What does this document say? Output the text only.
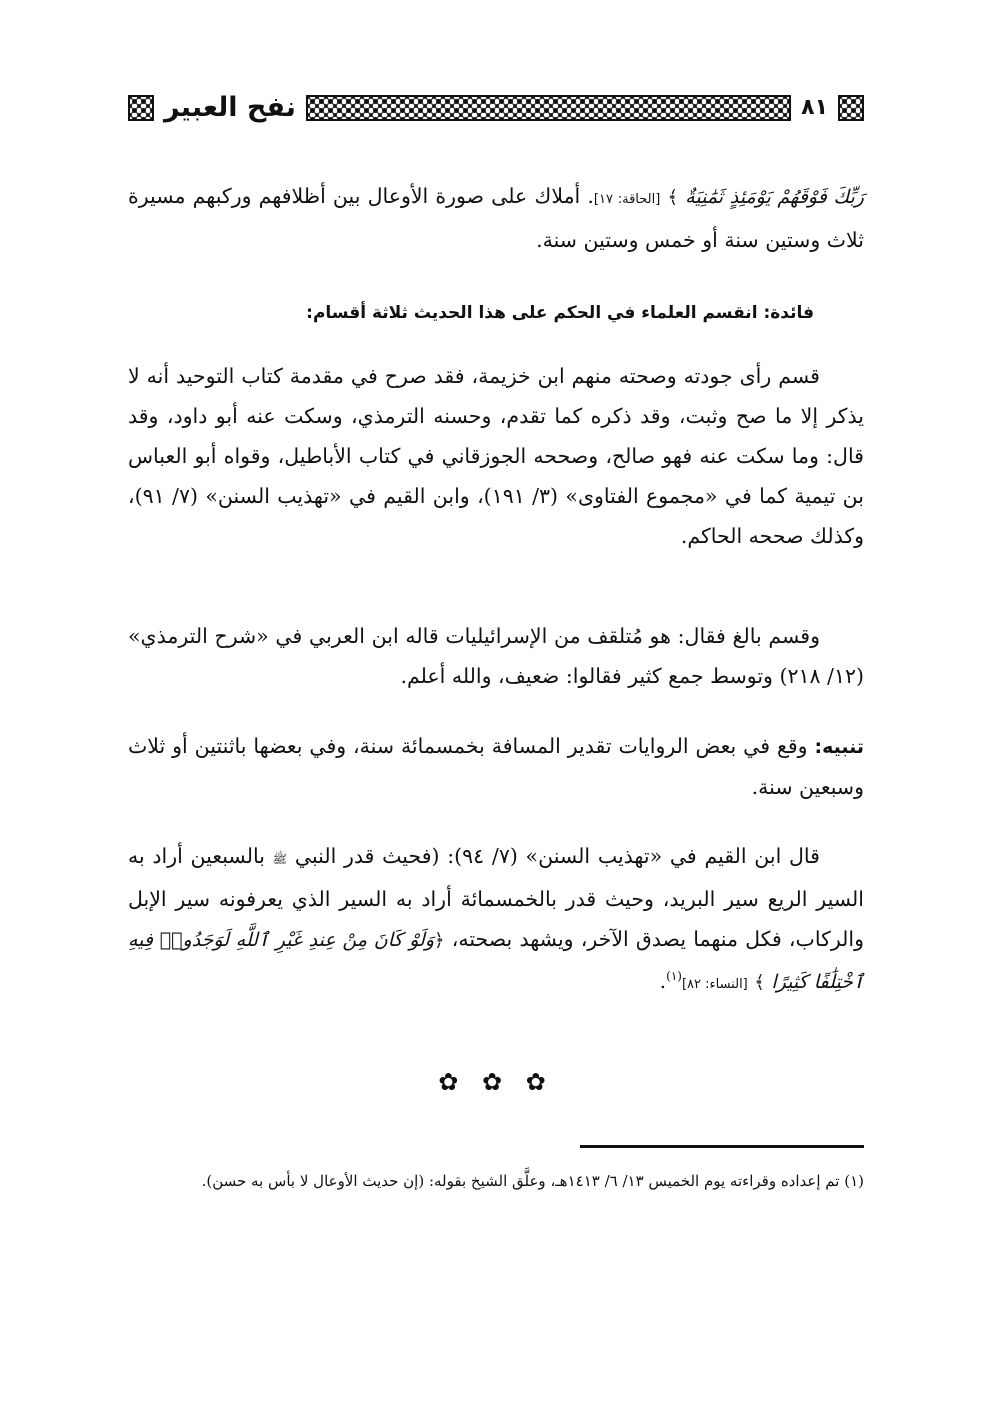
٨١
نفح العبير

رَبِّكَ فَوْقَهُمْ يَوْمَئِذٍ ثَمَٰنِيَةٌ ﴾ [الحاقة: ١٧]. أملاك على صورة الأوعال بين أظلافهم وركبهم مسيرة ثلاث وستين سنة أو خمس وستين سنة.

فائدة: انقسم العلماء في الحكم على هذا الحديث ثلاثة أقسام:

قسم رأى جودته وصحته منهم ابن خزيمة، فقد صرح في مقدمة كتاب التوحيد أنه لا يذكر إلا ما صح وثبت، وقد ذكره كما تقدم، وحسنه الترمذي، وسكت عنه أبو داود، وقد قال: وما سكت عنه فهو صالح، وصححه الجوزقاني في كتاب الأباطيل، وقواه أبو العباس بن تيمية كما في «مجموع الفتاوى» (٣/ ١٩١)، وابن القيم في «تهذيب السنن» (٧/ ٩١)، وكذلك صححه الحاكم.

وقسم بالغ فقال: هو مُتلقف من الإسرائيليات قاله ابن العربي في «شرح الترمذي» (١٢/ ٢١٨) وتوسط جمع كثير فقالوا: ضعيف، والله أعلم.

تنبيه: وقع في بعض الروايات تقدير المسافة بخمسمائة سنة، وفي بعضها باثنتين أو ثلاث وسبعين سنة.

قال ابن القيم في «تهذيب السنن» (٧/ ٩٤): (فحيث قدر النبي ﷺ بالسبعين أراد به السير الريع سير البريد، وحيث قدر بالخمسمائة أراد به السير الذي يعرفونه سير الإبل والركاب، فكل منهما يصدق الآخر، ويشهد بصحته، ﴿وَلَوْ كَانَ مِنْ عِندِ غَيْرِ ٱللَّهِ لَوَجَدُوا۟ فِيهِ ٱخْتِلَٰفًا كَثِيرًا ﴾ [النساء: ٨٢]$^{(١)}$.

✿ ✿ ✿
(١) تم إعداده وقراءته يوم الخميس ١٣/ ٦/ ١٤١٣هـ، وعلَّق الشيخ بقوله: (إن حديث الأوعال لا بأس به حسن).
